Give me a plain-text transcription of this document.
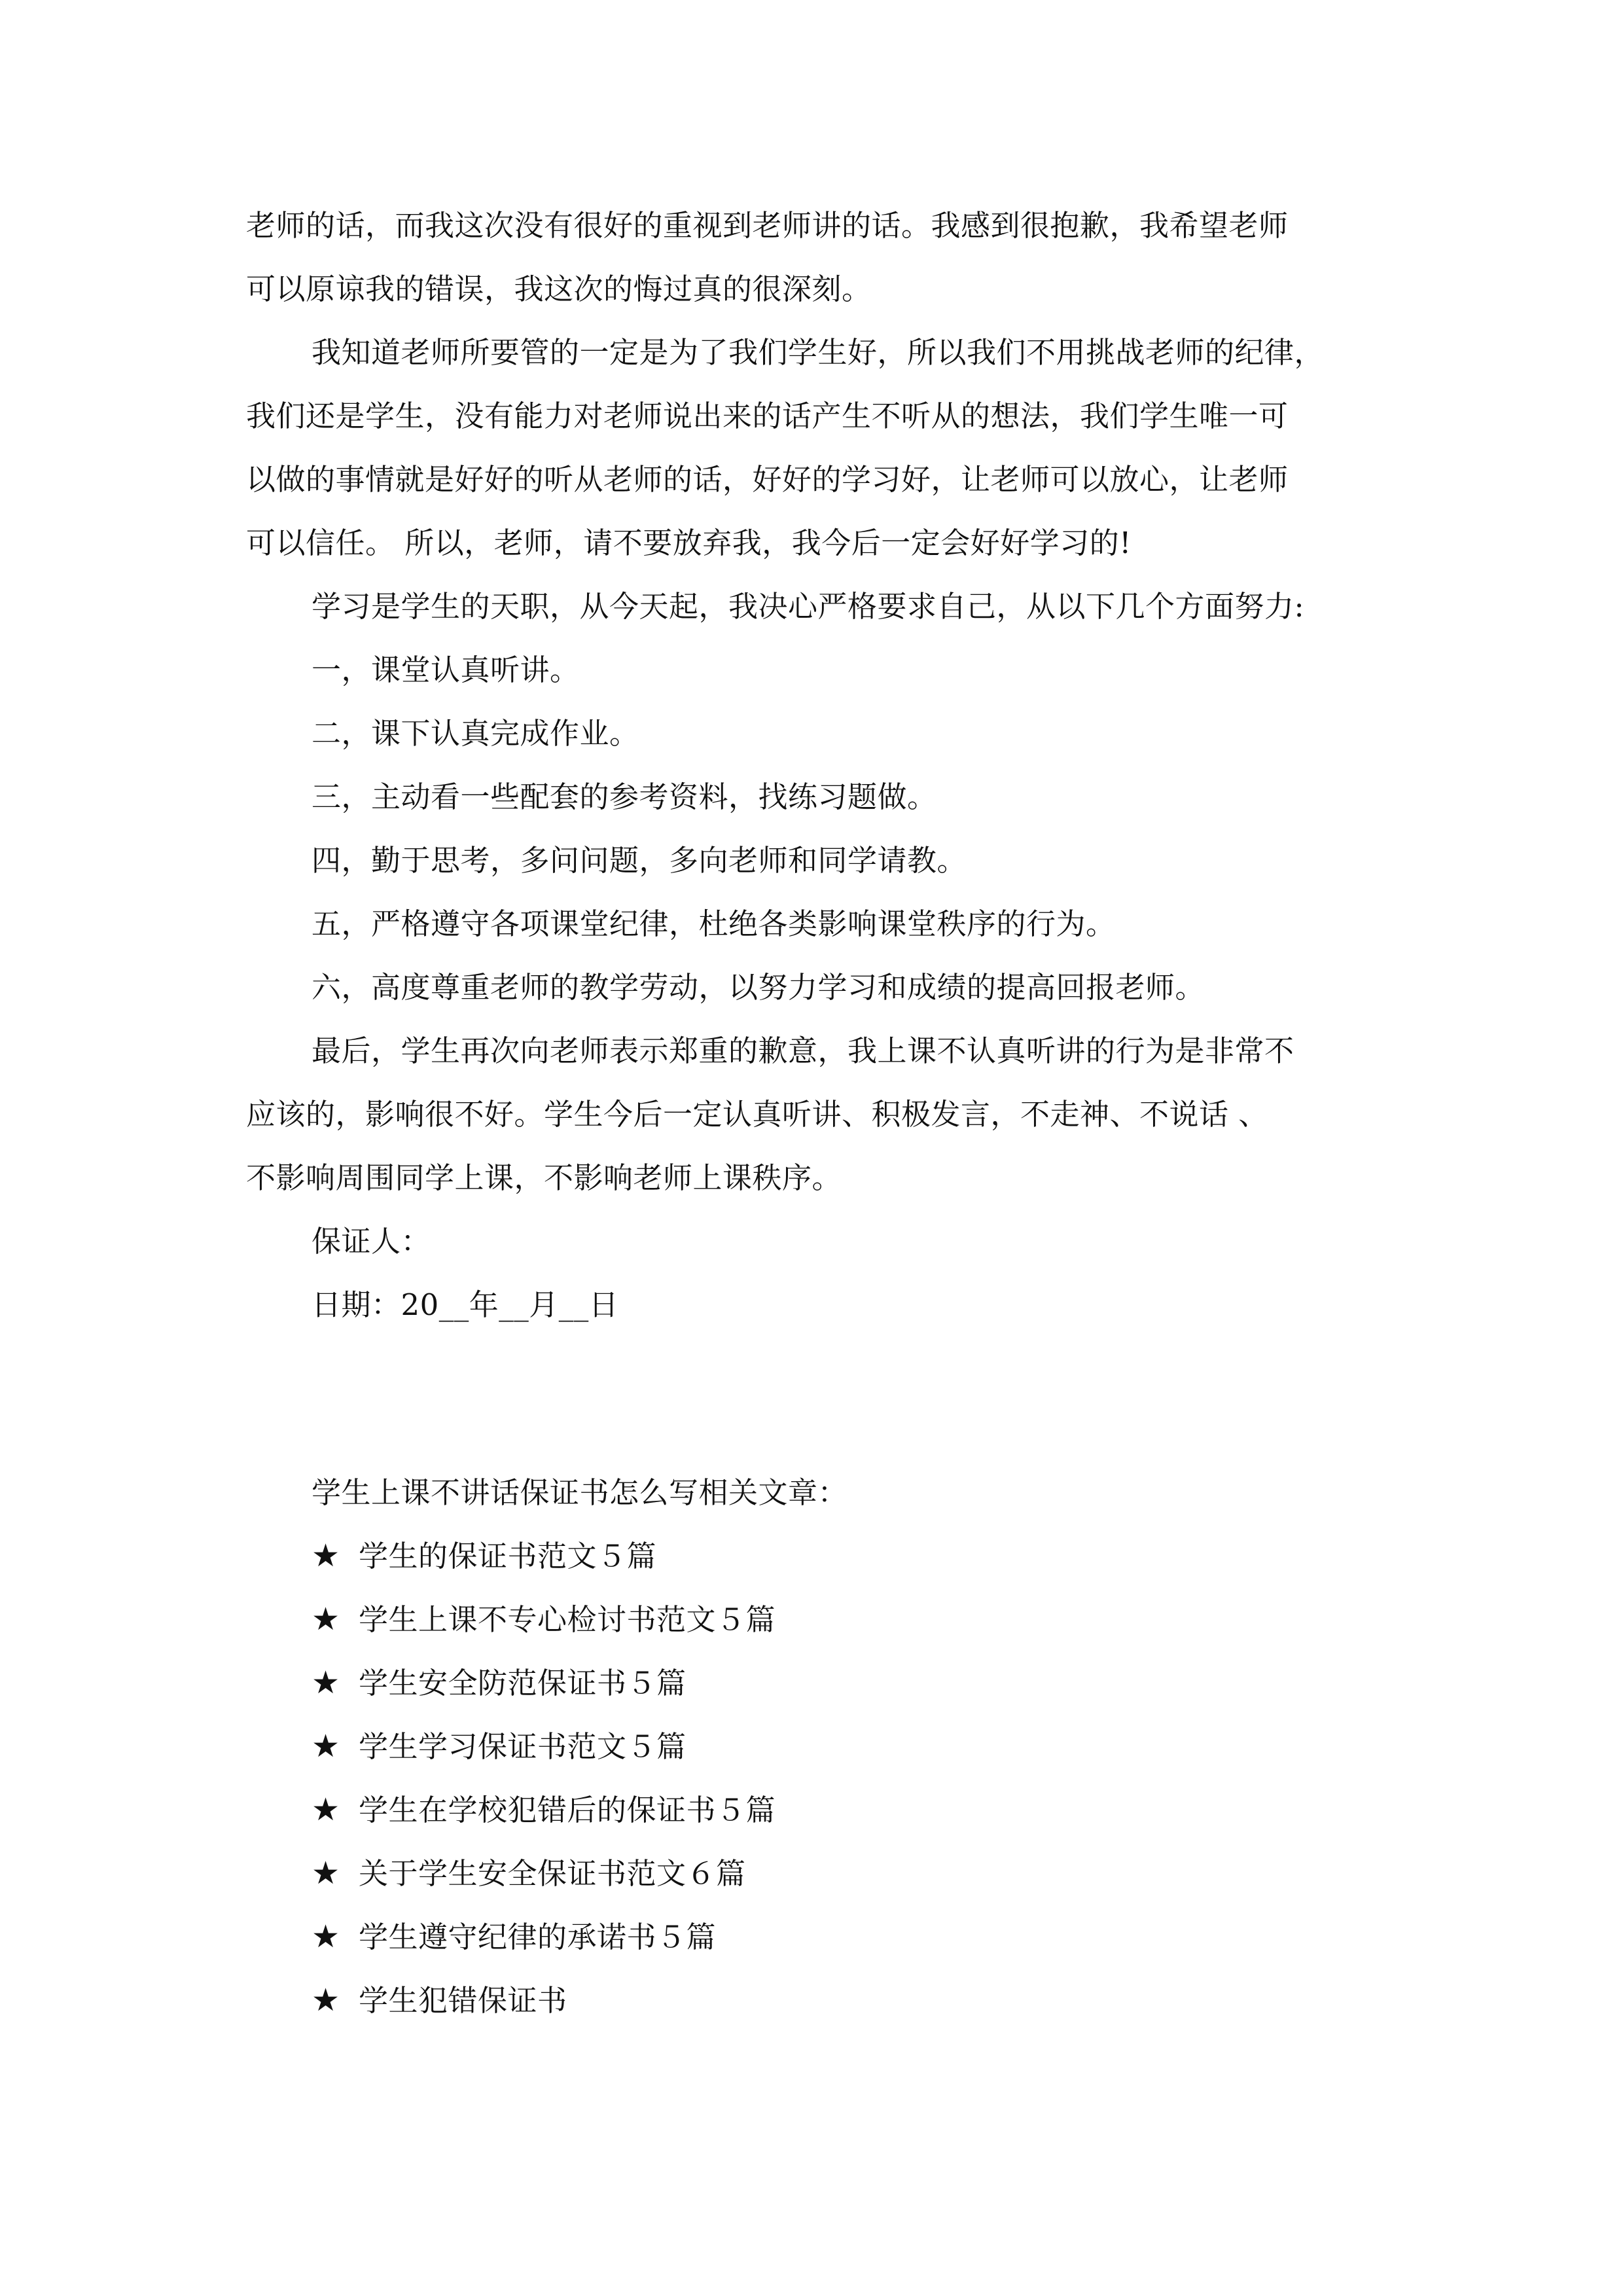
老师的话，而我这次没有很好的重视到老师讲的话。我感到很抱歉，我希望老师
可以原谅我的错误，我这次的悔过真的很深刻。
我知道老师所要管的一定是为了我们学生好，所以我们不用挑战老师的纪律，
我们还是学生，没有能力对老师说出来的话产生不听从的想法，我们学生唯一可
以做的事情就是好好的听从老师的话，好好的学习好，让老师可以放心，让老师
可以信任。 所以，老师，请不要放弃我，我今后一定会好好学习的!
学习是学生的天职，从今天起，我决心严格要求自己，从以下几个方面努力:
一，课堂认真听讲。
二，课下认真完成作业。
三，主动看一些配套的参考资料，找练习题做。
四，勤于思考，多问问题，多向老师和同学请教。
五，严格遵守各项课堂纪律，杜绝各类影响课堂秩序的行为。
六，高度尊重老师的教学劳动，以努力学习和成绩的提高回报老师。
最后，学生再次向老师表示郑重的歉意，我上课不认真听讲的行为是非常不
应该的，影响很不好。学生今后一定认真听讲、积极发言，不走神、不说话 、
不影响周围同学上课，不影响老师上课秩序。
保证人：
日期：20__年__月__日
学生上课不讲话保证书怎么写相关文章：
★ 学生的保证书范文５篇
★ 学生上课不专心检讨书范文５篇
★ 学生安全防范保证书５篇
★ 学生学习保证书范文５篇
★ 学生在学校犯错后的保证书５篇
★ 关于学生安全保证书范文６篇
★ 学生遵守纪律的承诺书５篇
★ 学生犯错保证书
